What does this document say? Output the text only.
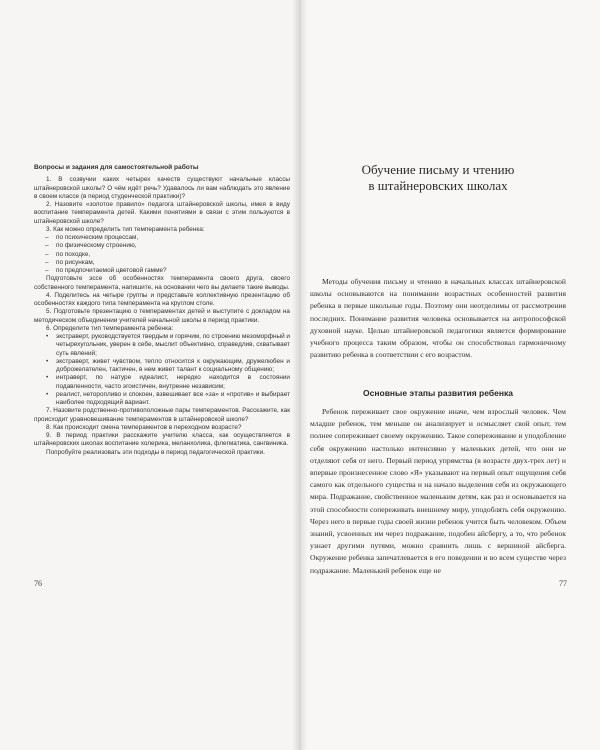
Вопросы и задания для самостоятельной работы

1. В созвучии каких четырех качеств существуют начальные классы штайнеровской школы? О чём идёт речь? Удавалось ли вам наблюдать это явление в своем классе (в период студенческой практики)?

2. Назовите «золотое правило» педагога штайнеровской школы, имея в виду воспитание темперамента детей. Какими понятиями в связи с этим пользуются в штайнеровской школе?

3. Как можно определить тип темперамента ребенка:

– по психическим процессам,
– по физическому строению,
– по походке,
– по рисункам,
– по предпочитаемой цветовой гамме?

Подготовьте эссе об особенностях темперамента своего друга, своего собственного темперамента, напишите, на основании чего вы делаете такие выводы.

4. Поделитесь на четыре группы и представьте коллективную презентацию об особенностях каждого типа темперамента на круглом столе.

5. Подготовьте презентацию о темпераментах детей и выступите с докладом на методическом объединении учителей начальной школы в период практики.

6. Определите тип темперамента ребенка:

• экстраверт, руководствуется твердым и горячим, по строению мезоморфный и четырехугольник, уверен в себе, мыслит объективно, справедлив, схватывает суть явлений;
• экстраверт, живет чувством, тепло относится к окружающим, дружелюбен и доброжелателен, тактичен, в нем живет талант к социальному общению;
• интраверт, по натуре идеалист, нередко находится в состоянии подавленности, часто эгоистичен, внутренне независим;
• реалист, неторопливо и спокоен, взвешивает все «за» и «против» и выбирает наиболее подходящий вариант.

7. Назовите родственно-противоположные пары темпераментов. Расскажите, как происходит уравновешивание темпераментов в штайнеровской школе?

8. Как происходит смена темпераментов в переходном возрасте?

9. В период практики расскажите учителю класса, как осуществляется в штайнеровских школах воспитание холерика, меланхолика, флегматика, сангвиника.

Попробуйте реализовать эти подходы в период педагогической практики.

76
Обучение письму и чтению
в штайнеровских школах

Методы обучения письму и чтению в начальных классах штайнеровской школы основываются на понимании возрастных особенностей развития ребенка в первые школьные годы. Поэтому они неотделимы от рассмотрения последних. Понимание развития человека основывается на антропософской духовной науке. Целью штайнеровской педагогики является формирование учебного процесса таким образом, чтобы он способствовал гармоничному развитию ребенка в соответствии с его возрастом.

Основные этапы развития ребенка

Ребенок переживает свое окружение иначе, чем взрослый человек. Чем младше ребенок, тем меньше он анализирует и осмысляет свой опыт, тем полнее сопереживает своему окружению. Такое сопереживание и уподобление себя окружению настолько интенсивно у маленьких детей, что они не отделяют себя от него. Первый период упрямства (в возрасте двух-трех лет) и впервые произнесенное слово «Я» указывают на первый опыт ощущения себя самого как отдельного существа и на начало выделения себя из окружающего мира. Подражание, свойственное маленьким детям, как раз и основывается на этой способности сопереживать внешнему миру, уподоблять себя окружению. Через него в первые годы своей жизни ребенок учится быть человеком. Объем знаний, усвоенных им через подражание, подобен айсбергу, а то, что ребенок узнает другими путями, можно сравнить лишь с вершиной айсберга. Окружение ребенка запечатлевается в его поведении и во всем существе через подражание. Маленький ребенок еще не

77
